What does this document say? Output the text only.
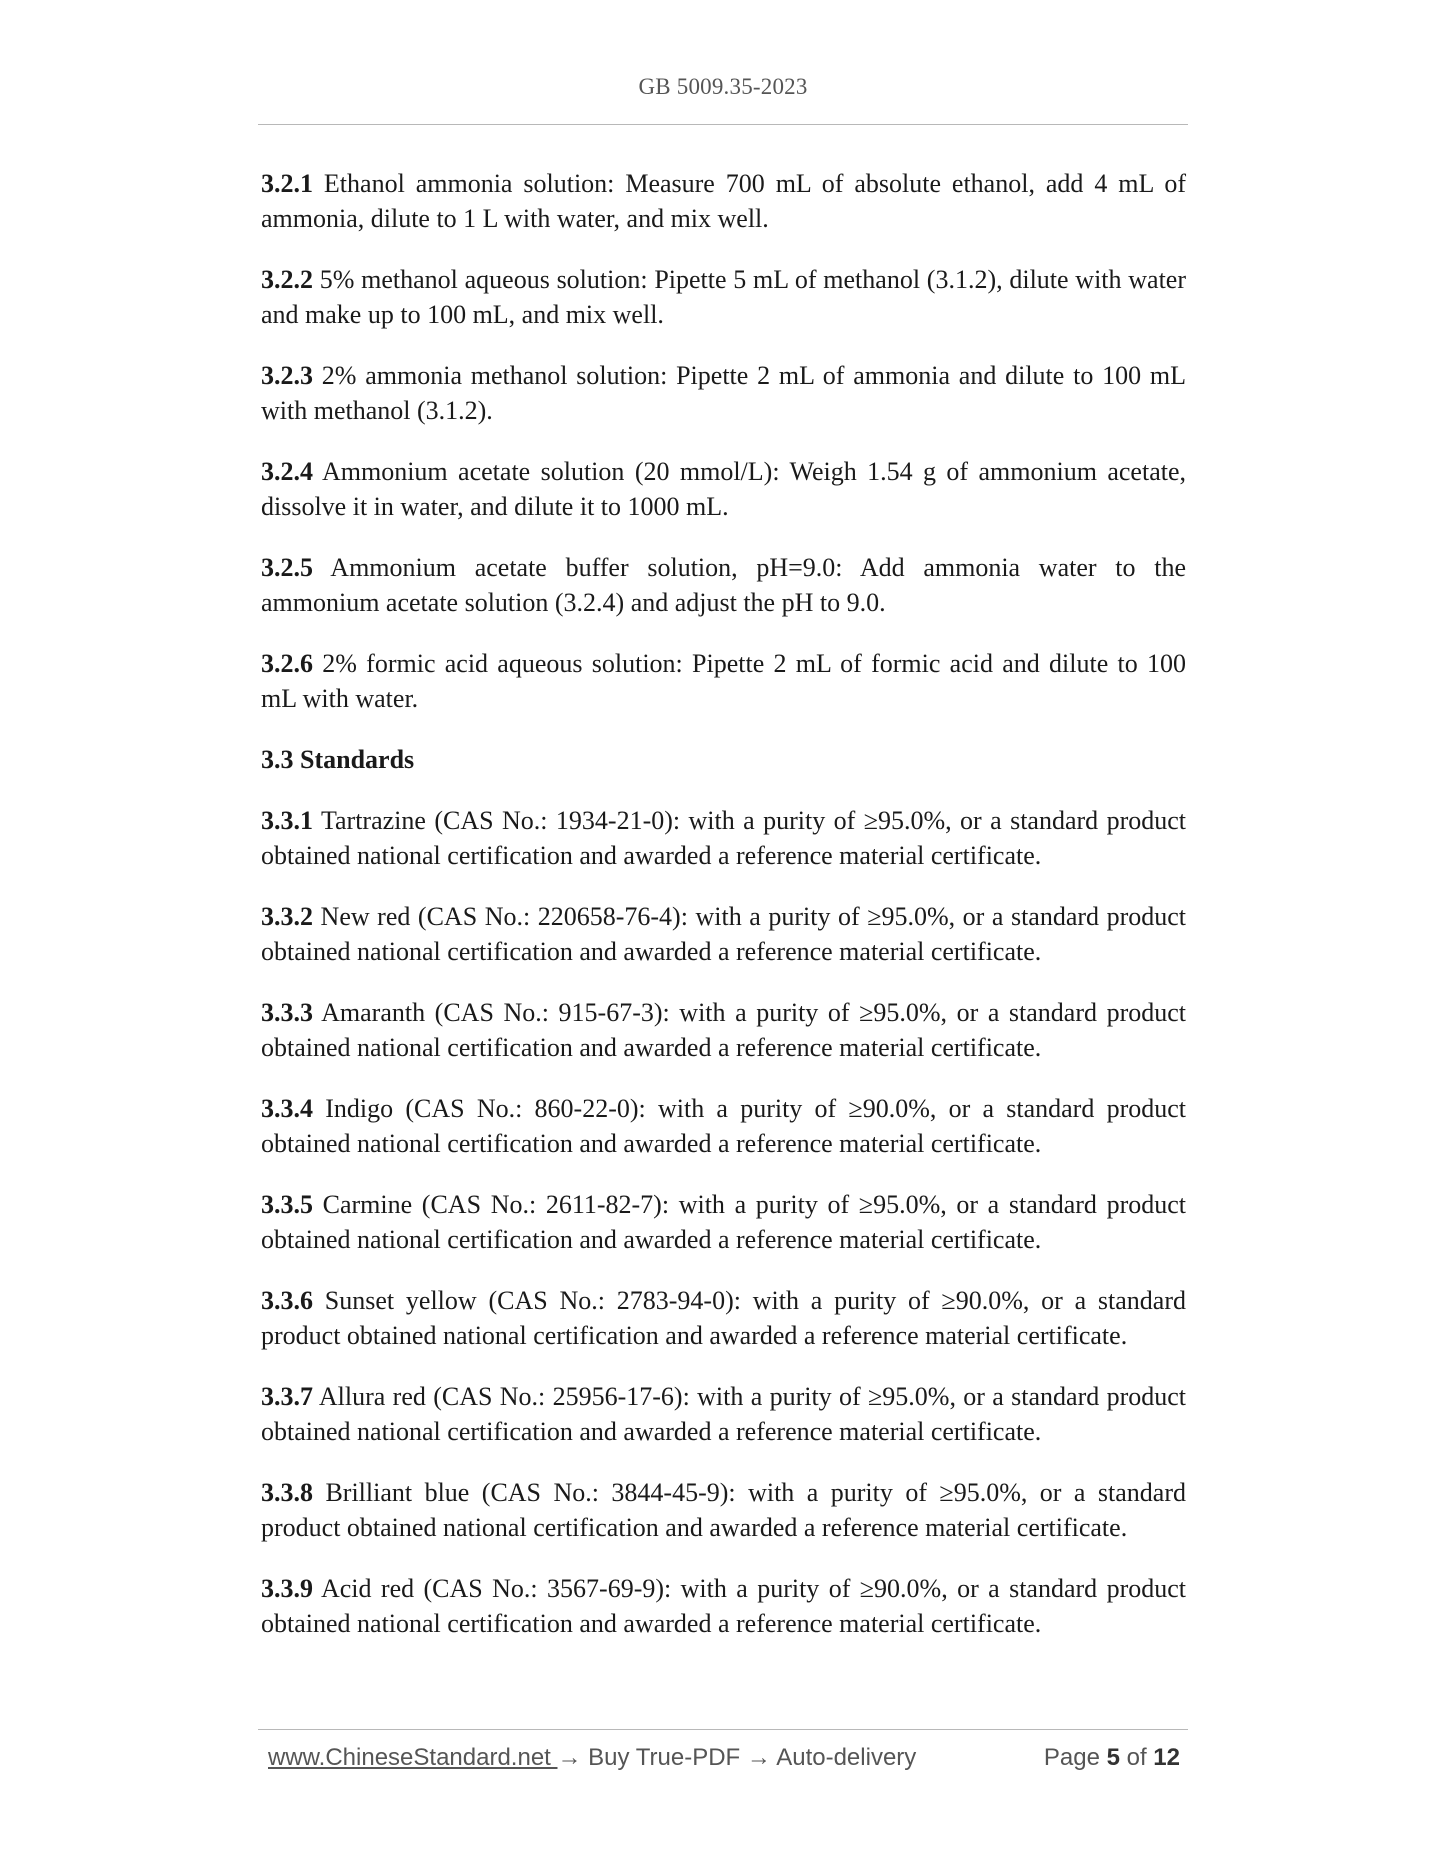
GB 5009.35-2023

3.2.1 Ethanol ammonia solution: Measure 700 mL of absolute ethanol, add 4 mL of ammonia, dilute to 1 L with water, and mix well.

3.2.2 5% methanol aqueous solution: Pipette 5 mL of methanol (3.1.2), dilute with water and make up to 100 mL, and mix well.

3.2.3 2% ammonia methanol solution: Pipette 2 mL of ammonia and dilute to 100 mL with methanol (3.1.2).

3.2.4 Ammonium acetate solution (20 mmol/L): Weigh 1.54 g of ammonium acetate, dissolve it in water, and dilute it to 1000 mL.

3.2.5 Ammonium acetate buffer solution, pH=9.0: Add ammonia water to the ammonium acetate solution (3.2.4) and adjust the pH to 9.0.

3.2.6 2% formic acid aqueous solution: Pipette 2 mL of formic acid and dilute to 100 mL with water.

3.3 Standards

3.3.1 Tartrazine (CAS No.: 1934-21-0): with a purity of ≥95.0%, or a standard product obtained national certification and awarded a reference material certificate.

3.3.2 New red (CAS No.: 220658-76-4): with a purity of ≥95.0%, or a standard product obtained national certification and awarded a reference material certificate.

3.3.3 Amaranth (CAS No.: 915-67-3): with a purity of ≥95.0%, or a standard product obtained national certification and awarded a reference material certificate.

3.3.4 Indigo (CAS No.: 860-22-0): with a purity of ≥90.0%, or a standard product obtained national certification and awarded a reference material certificate.

3.3.5 Carmine (CAS No.: 2611-82-7): with a purity of ≥95.0%, or a standard product obtained national certification and awarded a reference material certificate.

3.3.6 Sunset yellow (CAS No.: 2783-94-0): with a purity of ≥90.0%, or a standard product obtained national certification and awarded a reference material certificate.

3.3.7 Allura red (CAS No.: 25956-17-6): with a purity of ≥95.0%, or a standard product obtained national certification and awarded a reference material certificate.

3.3.8 Brilliant blue (CAS No.: 3844-45-9): with a purity of ≥95.0%, or a standard product obtained national certification and awarded a reference material certificate.

3.3.9 Acid red (CAS No.: 3567-69-9): with a purity of ≥90.0%, or a standard product obtained national certification and awarded a reference material certificate.

www.ChineseStandard.net → Buy True-PDF → Auto-delivery	Page 5 of 12
